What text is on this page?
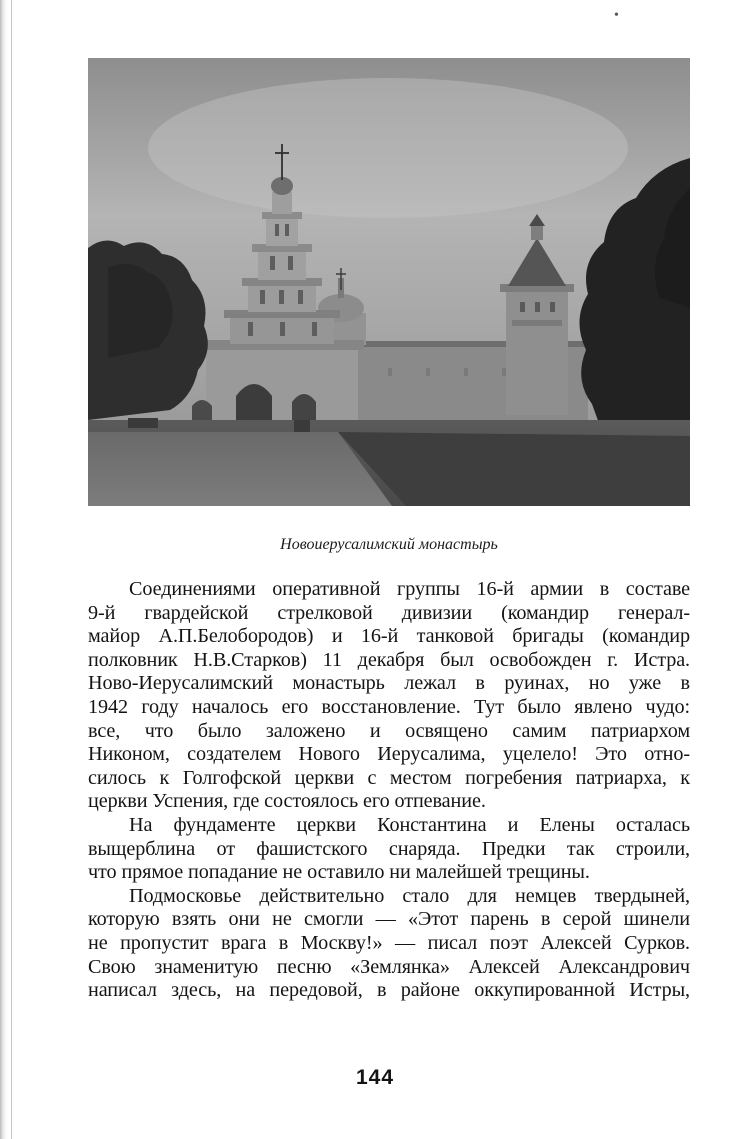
•
Новоиерусалимский монастырь
Соединениями оперативной группы 16-й армии в составе
9-й гвардейской стрелковой дивизии (командир генерал-
майор А.П.Белобородов) и 16-й танковой бригады (командир
полковник Н.В.Старков) 11 декабря был освобожден г. Истра.
Ново-Иерусалимский монастырь лежал в руинах, но уже в
1942 году началось его восстановление. Тут было явлено чудо:
все, что было заложено и освящено самим патриархом
Никоном, создателем Нового Иерусалима, уцелело! Это отно-
силось к Голгофской церкви с местом погребения патриарха, к
церкви Успения, где состоялось его отпевание.
На фундаменте церкви Константина и Елены осталась
выщерблина от фашистского снаряда. Предки так строили,
что прямое попадание не оставило ни малейшей трещины.
Подмосковье действительно стало для немцев твердыней,
которую взять они не смогли — «Этот парень в серой шинели
не пропустит врага в Москву!» — писал поэт Алексей Сурков.
Свою знаменитую песню «Землянка» Алексей Александрович
написал здесь, на передовой, в районе оккупированной Истры,
144
